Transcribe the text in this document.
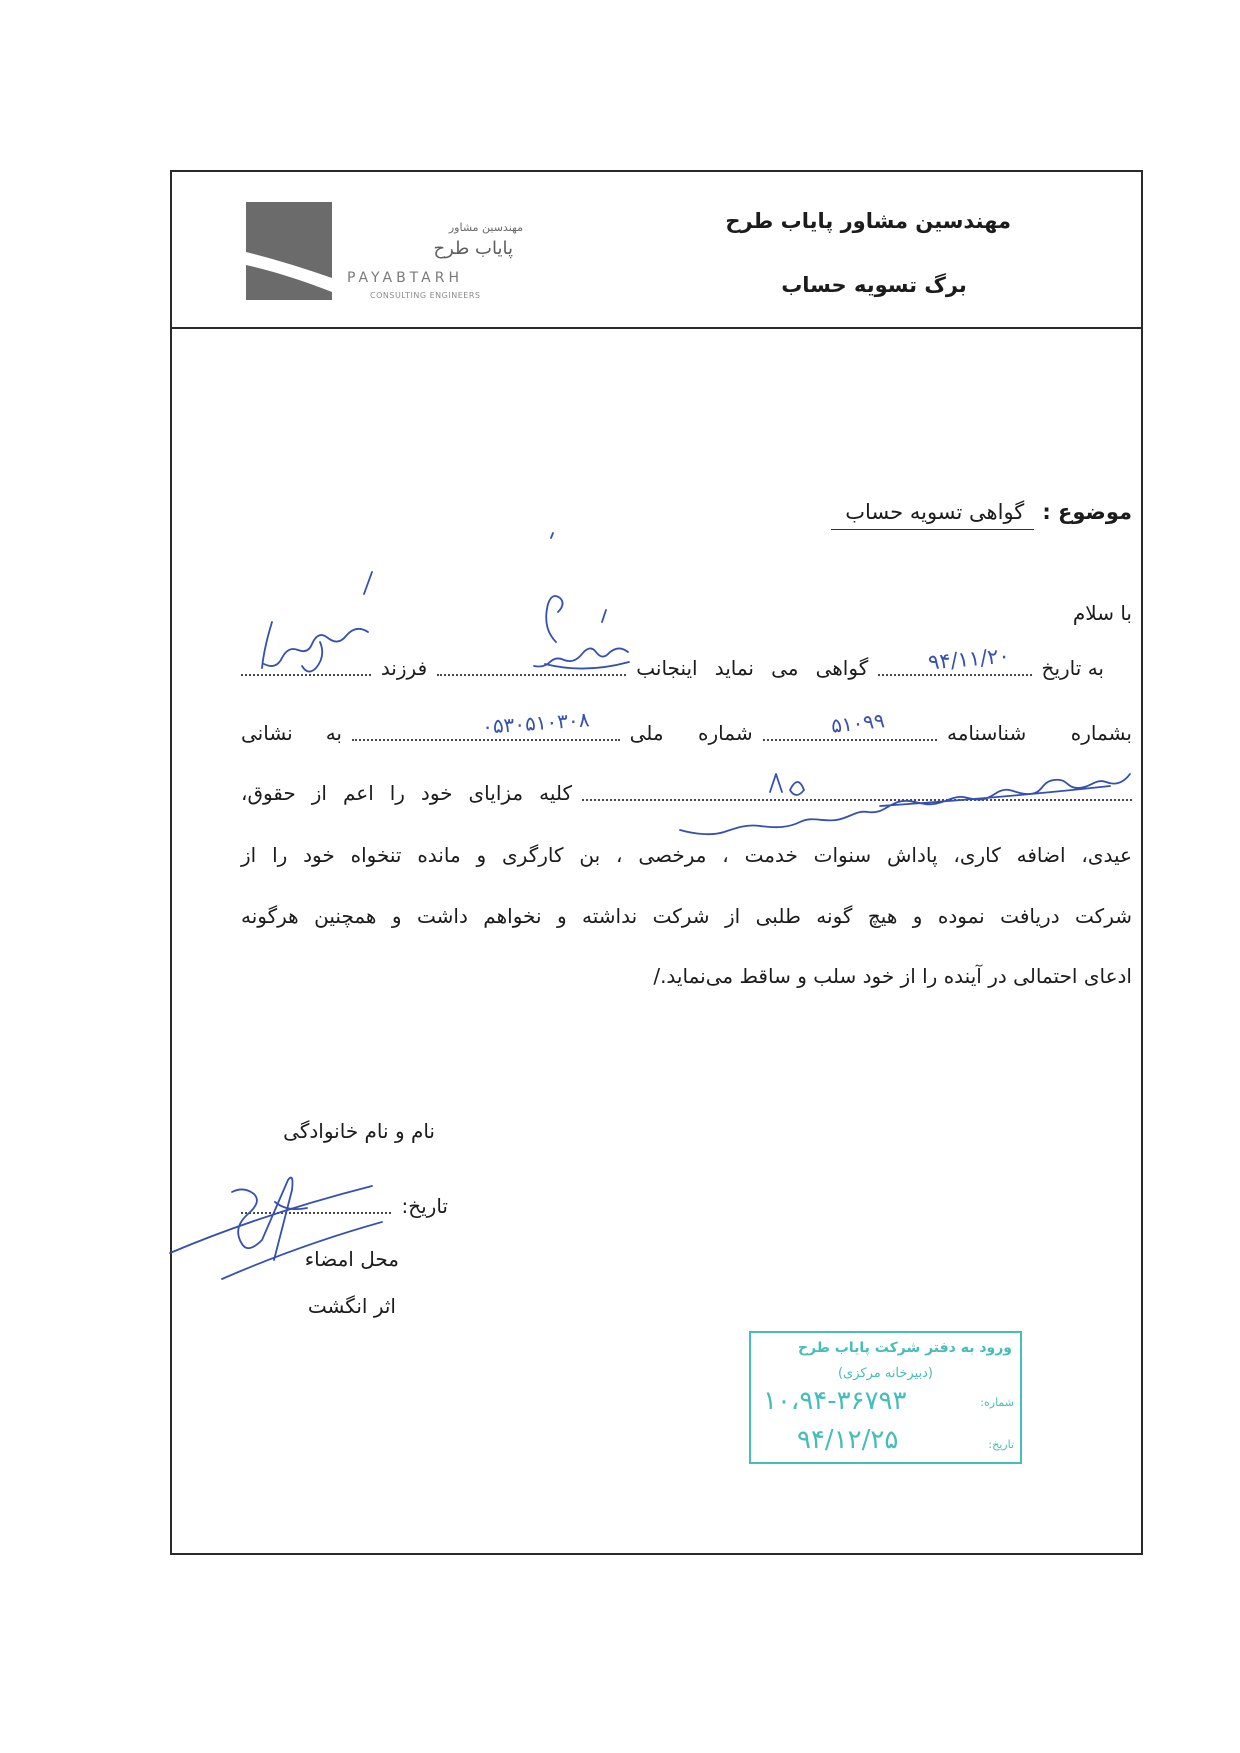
مهندسین مشاور
پایاب طرح
PAYABTARH
CONSULTING ENGINEERS
مهندسین مشاور پایاب طرح
برگ تسویه حساب
موضوع :گواهی تسویه حساب
با سلام
به تاریخ
۹۴/۱۱/۲۰
گواهی می نماید اینجانب
فرزند
بشماره شناسنامه
۵۱۰۹۹
شماره ملی
۰۵۳۰۵۱۰۳۰۸
به نشانی
کلیه مزایای خود را اعم از حقوق،
عیدی، اضافه کاری، پاداش سنوات خدمت ، مرخصی ، بن کارگری و مانده تنخواه خود را از
شرکت دریافت نموده و هیچ گونه طلبی از شرکت نداشته و نخواهم داشت و همچنین هرگونه
ادعای احتمالی در آینده را از خود سلب و ساقط می‌نماید./
نام و نام خانوادگی
تاریخ:
محل امضاء
اثر انگشت
ورود به دفتر شرکت پایاب طرح
(دبیرخانه مرکزی)
شماره:
۱۰،۹۴-۳۶۷۹۳
تاریخ:
۹۴/۱۲/۲۵
